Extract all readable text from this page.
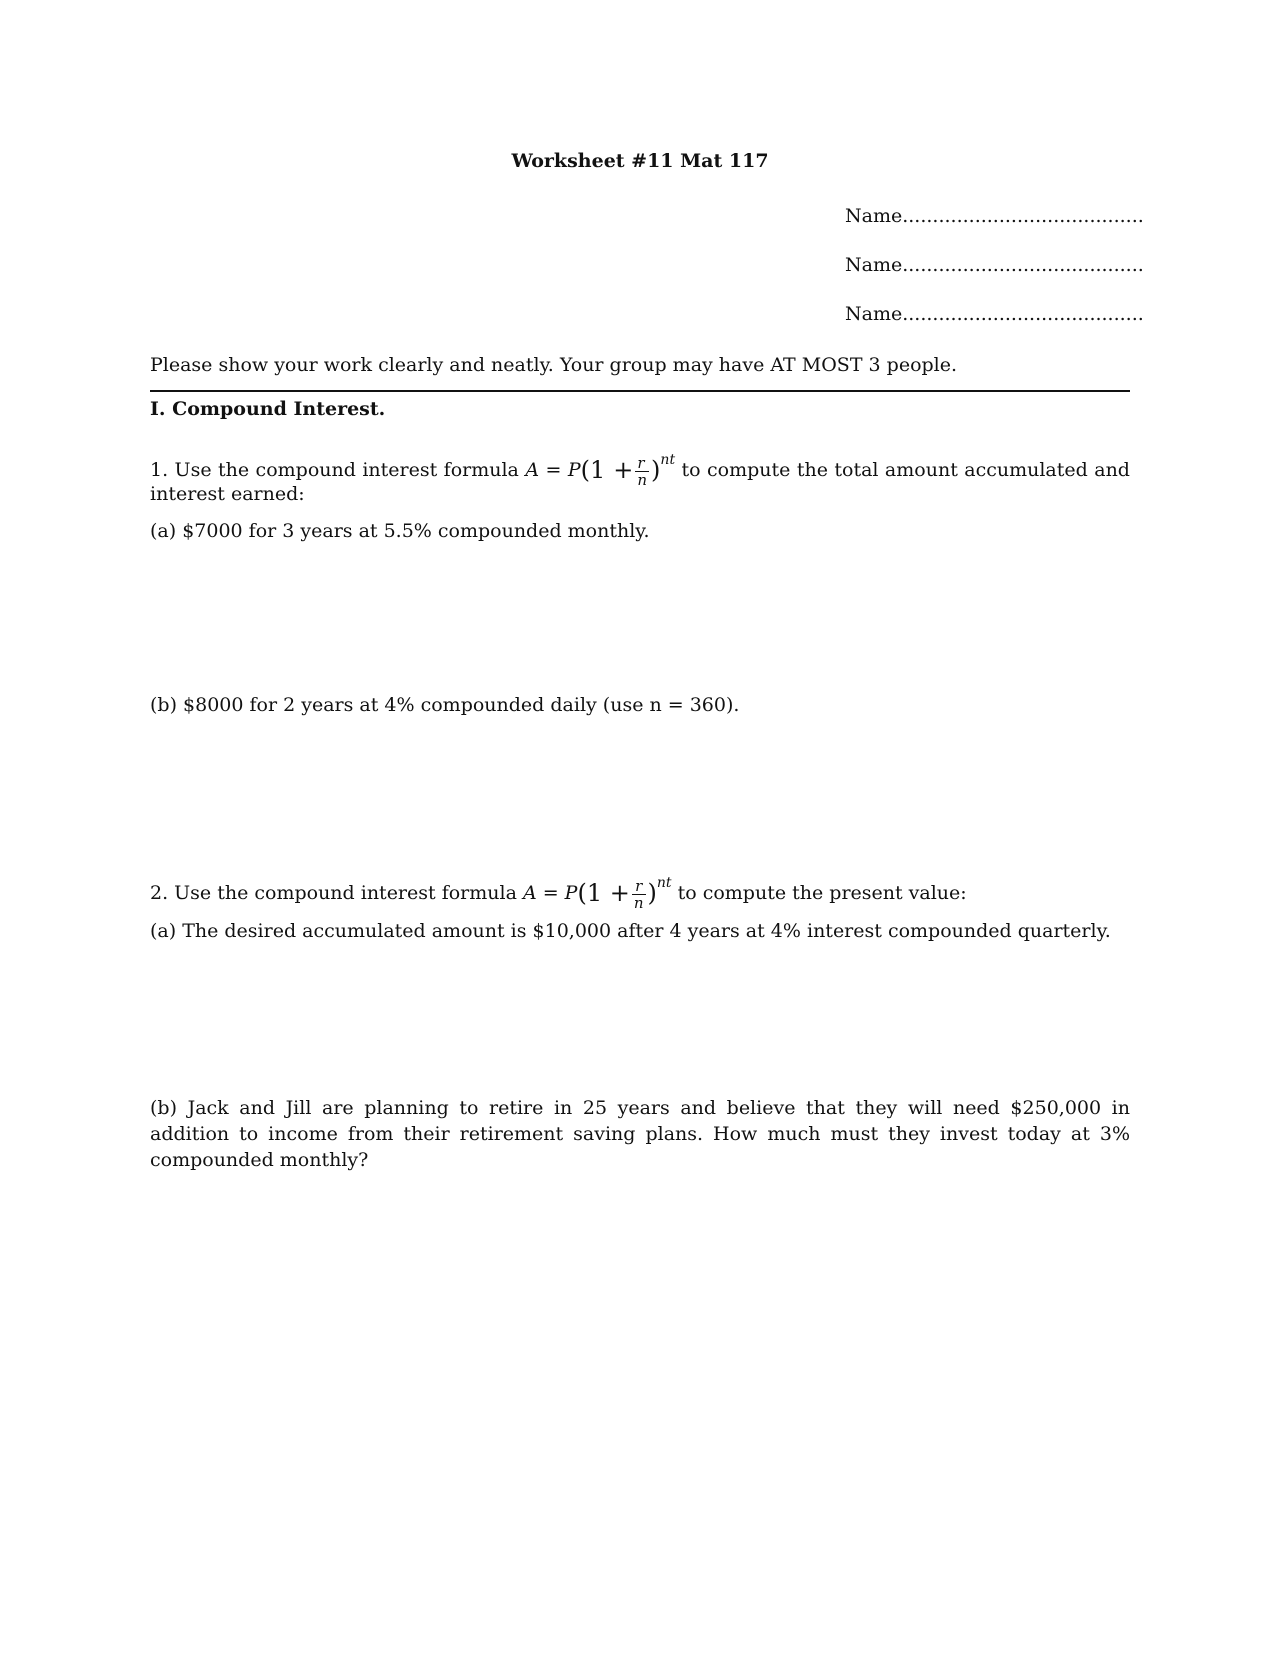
Worksheet #11 Mat 117
Name........................................
Name........................................
Name........................................
Please show your work clearly and neatly. Your group may have AT MOST 3 people.
I. Compound Interest.
1. Use the compound interest formula $A = P(1 + \frac{r}{n} )^{nt}$ to compute the total amount accumulated and
interest earned:
(a) $7000 for 3 years at 5.5% compounded monthly.
(b) $8000 for 2 years at 4% compounded daily (use n = 360).
2. Use the compound interest formula $A = P(1 + \frac{r}{n} )^{nt}$ to compute the present value:
(a) The desired accumulated amount is $10,000 after 4 years at 4% interest compounded quarterly.
(b) Jack and Jill are planning to retire in 25 years and believe that they will need $250,000 in addition to income from their retirement saving plans. How much must they invest today at 3% compounded monthly?
